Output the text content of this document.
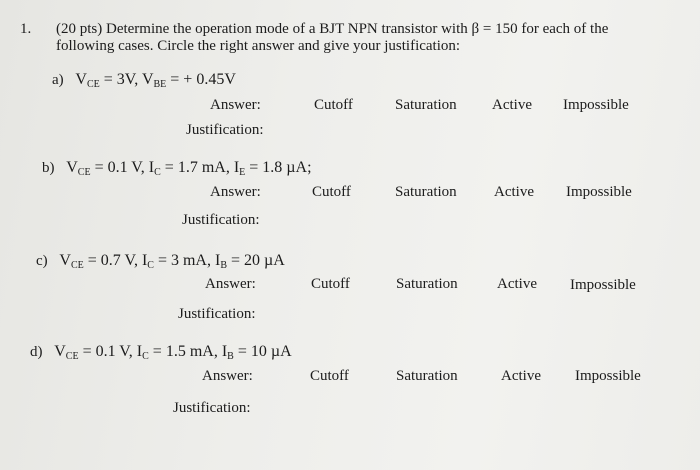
1. (20 pts) Determine the operation mode of a BJT NPN transistor with β = 150 for each of the
following cases. Circle the right answer and give your justification:
a) $V_{CE} = 3V$, $V_{BE}$ = + 0.45V
Answer:	Cutoff	Saturation Active Impossible
Justification:
b) $V_{CE} = 0.1$ V, $I_C = 1.7$ mA, $I_E = 1.8$ µA;
Answer:	Cutoff	Saturation Active Impossible
Justification:
c) $V_{CE} = 0.7$ V, $I_C = 3$ mA, $I_B = 20$ µA
Answer:	Cutoff	Saturation	Active Impossible
Justification:
d) $V_{CE} = 0.1$ V, $I_C = 1.5$ mA, $I_B = 10$ µA
Answer:	Cutoff	Saturation	Active Impossible
Justification:
